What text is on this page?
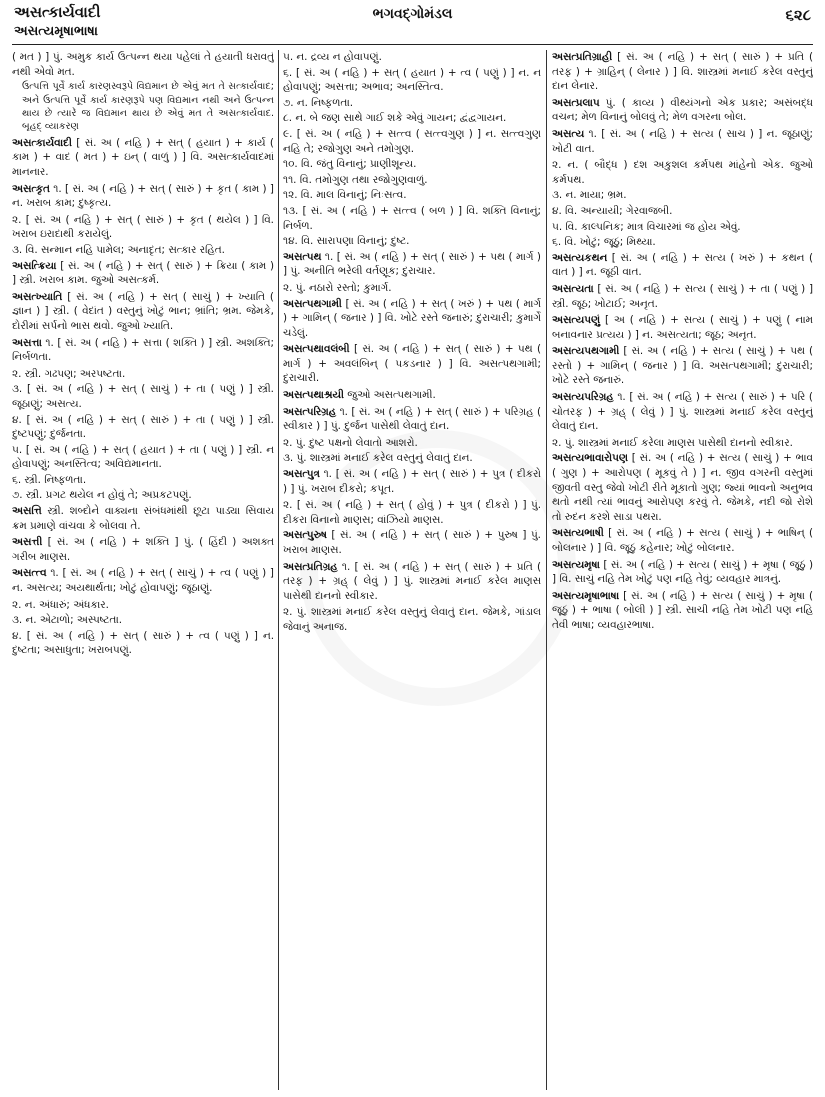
અસત્કાર્યવાદી
અસત્યમૃષાભાષા
ભગવદ્ગોમંડલ	૬૨૮
( મત ) ] પું. અમુક કાર્ય ઉત્પન્ન થયા પહેલાં તે હયાતી ધરાવતું નથી એવો મત.
ઉત્પત્તિ પૂર્વે કાર્ય કારણસ્વરૂપે વિદ્યમાન છે એવું મત તે સત્કાર્યવાદ; અને ઉત્પત્તિ પૂર્વે કાર્ય કારણરૂપે પણ વિદ્યમાન નથી અને ઉત્પન્ન થાય છે ત્યારે જ વિદ્યમાન થાય છે એવું મત તે અસત્કાર્યવાદ. બૃહદ્ વ્યાકરણ
અસત્કાર્યવાદી [ સં. અ ( નહિ ) + સત્ ( હયાત ) + કાર્ય ( કામ ) + વાદ ( મત ) + ઇન્ ( વાળું ) ] વિ. અસત્કાર્યવાદમાં માનનાર.
અસત્કૃત ૧. [ સં. અ ( નહિ ) + સત્ ( સારું ) + કૃત ( કામ ) ] ન. ખરાબ કામ; દુષ્કૃત્ય.
૨. [ સં. અ ( નહિ ) + સત્ ( સારું ) + કૃત ( થયેલ ) ] વિ. ખરાબ ઇરાદાથી કરાયેલું.
૩. વિ. સન્માન નહિ પામેલ; અનાદૃત; સત્કાર રહિત.
અસત્ક્રિયા [ સં. અ ( નહિ ) + સત્ ( સારું ) + ક્રિયા ( કામ ) ] સ્ત્રી. ખરાબ કામ. જુઓ અસત્કર્મ.
અસત્ખ્યાતિ [ સં. અ ( નહિ ) + સત્ ( સાચું ) + ખ્યાતિ ( જ્ઞાન ) ] સ્ત્રી. ( વેદાંત ) વસ્તુનું ખોટું ભાન; ભ્રાંતિ; ભ્રમ. જેમકે, દોરીમાં સર્પનો ભાસ થવો. જુઓ ખ્યાતિ.
અસત્તા ૧. [ સં. અ ( નહિ ) + સત્તા ( શક્તિ ) ] સ્ત્રી. અશક્તિ; નિર્બળતા.
૨. સ્ત્રી. ગઢપણ; અરપષ્ટતા.
૩. [ સં. અ ( નહિ ) + સત્ ( સાચું ) + તા ( પણું ) ] સ્ત્રી. જૂઠાણું; અસત્ય.
૪. [ સં. અ ( નહિ ) + સત્ ( સારું ) + તા ( પણું ) ] સ્ત્રી. દુષ્ટપણું; દુર્જનતા.
૫. [ સં. અ ( નહિ ) + સત્ ( હયાત ) + તા ( પણું ) ] સ્ત્રી. ન હોવાપણું; અનસ્તિત્વ; અવિદ્યમાનતા.
૬. સ્ત્રી. નિષ્ફળતા.
૭. સ્ત્રી. પ્રગટ થયેલ ન હોવું તે; અપ્રકટપણું.
અસત્તિ સ્ત્રી. શબ્દોને વાક્યના સંબંધમાંથી છૂટા પાડ્યા સિવાય ક્રમ પ્રમાણે વાંચવા કે બોલવા તે.
અસત્તી [ સં. અ ( નહિ ) + શક્તિ ] પું. ( હિંદી ) અશક્ત ગરીબ માણસ.
અસત્ત્વ ૧. [ સં. અ ( નહિ ) + સત્ ( સાચું ) + ત્વ ( પણું ) ] ન. અસત્ય; અયથાર્થતા; ખોટું હોવાપણું; જૂઠાણું.
૨. ન. અંધારું; અંધકાર.
૩. ન. એટાળો; અસ્પષ્ટતા.
૪. [ સં. અ ( નહિ ) + સત્ ( સારું ) + ત્વ ( પણું ) ] ન. દુષ્ટતા; અસાધુતા; ખરાબપણું.
૫. ન. દ્રવ્ય ન હોવાપણું.
૬. [ સં. અ ( નહિ ) + સત્ ( હયાત ) + ત્વ ( પણું ) ] ન. ન હોવાપણું; અસત્તા; અભાવ; અનસ્તિત્વ.
૭. ન. નિષ્ફળતા.
૮. ન. બે જણ સાથે ગાઈ શકે એવું ગાયન; દ્વંદ્વગાયન.
૯. [ સં. અ ( નહિ ) + સત્ત્વ ( સત્ત્વગુણ ) ] ન. સત્ત્વગુણ નહિ તે; રજોગુણ અને તમોગુણ.
૧૦. વિ. જંતુ વિનાનું; પ્રાણીશૂન્ય.
૧૧. વિ. તમોગુણ તથા રજોગુણવાળું.
૧૨. વિ. માલ વિનાનું; નિઃસત્વ.
૧૩. [ સં. અ ( નહિ ) + સત્ત્વ ( બળ ) ] વિ. શક્તિ વિનાનું; નિર્બળ.
૧૪. વિ. સારાપણા વિનાનું; દુષ્ટ.
અસત્પથ ૧. [ સં. અ ( નહિ ) + સત્ ( સારું ) + પથ ( માર્ગ ) ] પું. અનીતિ ભરેલી વર્તણૂક; દુરાચાર.
૨. પું. નઠારો રસ્તો; કુમાર્ગ.
અસત્પથગામી [ સં. અ ( નહિ ) + સત્ ( ખરું ) + પથ ( માર્ગ ) + ગામિન્ ( જનાર ) ] વિ. ખોટે રસ્તે જનારું; દુરાચારી; કુમાર્ગે ચડેલું.
અસત્પથાવલંબી [ સં. અ ( નહિ ) + સત્ ( સારું ) + પથ ( માર્ગ ) + અવલંબિન્ ( પકડનાર ) ] વિ. અસત્પથગામી; દુરાચારી.
અસત્પથાશ્રયી જુઓ અસત્પથગામી.
અસત્પરિગ્રહ ૧. [ સં. અ ( નહિ ) + સત્ ( સારું ) + પરિગ્રહ ( સ્વીકાર ) ] પું. દુર્જન પાસેથી લેવાતું દાન.
૨. પું. દુષ્ટ પક્ષનો લેવાતો આશરો.
૩. પું. શાસ્ત્રમાં મનાઈ કરેલ વસ્તુનું લેવાતું દાન.
અસત્પુત્ર ૧. [ સં. અ ( નહિ ) + સત્ ( સારું ) + પુત્ર ( દીકરો ) ] પું. ખરાબ દીકરો; કપૂત.
૨. [ સં. અ ( નહિ ) + સત્ ( હોવું ) + પુત્ર ( દીકરો ) ] પું. દીકરા વિનાનો માણસ; વાંઝિયો માણસ.
અસત્પુરુષ [ સં. અ ( નહિ ) + સત્ ( સારું ) + પુરુષ ] પું. ખરાબ માણસ.
અસત્પ્રતિગ્રહ ૧. [ સં. અ ( નહિ ) + સત્ ( સારું ) + પ્રતિ ( તરફ ) + ગ્રહ્ ( લેવું ) ] પું. શાસ્ત્રમાં મનાઈ કરેલ માણસ પાસેથી દાનનો સ્વીકાર.
૨. પું. શાસ્ત્રમાં મનાઈ કરેલ વસ્તુનું લેવાતું દાન. જેમકે, ગાંડાલ જેવાનું અનાજ.
અસત્પ્રતિગ્રાહી [ સં. અ ( નહિ ) + સત્ ( સારું ) + પ્રતિ ( તરફ ) + ગ્રાહિન્ ( લેનાર ) ] વિ. શાસ્ત્રમાં મનાઈ કરેલ વસ્તુનું દાન લેનાર.
અસત્પ્રલાપ પું. ( કાવ્ય ) વીથ્યંગનો એક પ્રકાર; અસંબદ્ધ વચન; મેળ વિનાનું બોલવું તે; મેળ વગરના બોલ.
અસત્ય ૧. [ સં. અ ( નહિ ) + સત્ય ( સાચ ) ] ન. જૂઠાણું; ખોટી વાત.
૨. ન. ( બૌદ્ધ ) દશ અકુશલ કર્મપથ માંહેનો એક. જુઓ કર્મપથ.
૩. ન. માયા; ભ્રમ.
૪. વિ. અન્યાયી; ગેરવાજબી.
૫. વિ. કાલ્પનિક; માત્ર વિચારમાં જ હોય એવું.
૬. વિ. ખોટું; જૂઠું; મિથ્યા.
અસત્યકથન [ સં. અ ( નહિ ) + સત્ય ( ખરું ) + કથન ( વાત ) ] ન. જૂઠી વાત.
અસત્યતા [ સં. અ ( નહિ ) + સત્ય ( સાચું ) + તા ( પણું ) ] સ્ત્રી. જૂઠ; ખોટાઈ; અનૃત.
અસત્યપણું [ અ ( નહિ ) + સત્ય ( સાચું ) + પણું ( નામ બનાવનાર પ્રત્યય ) ] ન. અસત્યતા; જૂઠ; અનૃત.
અસત્યપથગામી [ સં. અ ( નહિ ) + સત્ય ( સાચું ) + પથ ( રસ્તો ) + ગામિન્ ( જનાર ) ] વિ. અસત્પથગામી; દુરાચારી; ખોટે રસ્તે જનારું.
અસત્યપરિગ્રહ ૧. [ સં. અ ( નહિ ) + સત્ય ( સારું ) + પરિ ( ચોતરફ ) + ગ્રહ્ ( લેવું ) ] પું. શાસ્ત્રમાં મનાઈ કરેલ વસ્તુનું લેવાતું દાન.
૨. પું. શાસ્ત્રમાં મનાઈ કરેલા માણસ પાસેથી દાનનો સ્વીકાર.
અસત્યભાવારોપણ [ સં. અ ( નહિ ) + સત્ય ( સાચું ) + ભાવ ( ગુણ ) + આરોપણ ( મૂકવું તે ) ] ન. જીવ વગરની વસ્તુમાં જીવતી વસ્તુ જેવો ખોટી રીતે મૂકાતો ગુણ; જ્યાં ભાવનો અનુભવ થતો નથી ત્યાં ભાવનું આરોપણ કરવું તે. જેમકે, નદી જો રોશે તો રુદન કરશે સાડા પથરા.
અસત્યભાષી [ સં. અ ( નહિ ) + સત્ય ( સાચું ) + ભાષિન્ ( બોલનાર ) ] વિ. જૂઠું કહેનાર; ખોટું બોલનાર.
અસત્યમૃષા [ સં. અ ( નહિ ) + સત્ય ( સાચું ) + મૃષા ( જૂઠું ) ] વિ. સાચું નહિ તેમ ખોટું પણ નહિ તેવું; વ્યવહાર માત્રનું.
અસત્યમૃષાભાષા [ સં. અ ( નહિ ) + સત્ય ( સાચું ) + મૃષા ( જૂઠું ) + ભાષા ( બોલી ) ] સ્ત્રી. સાચી નહિ તેમ ખોટી પણ નહિ તેવી ભાષા; વ્યવહારભાષા.
